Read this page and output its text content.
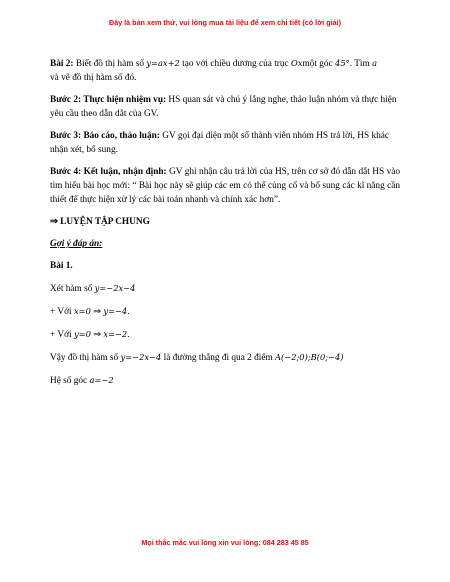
Đây là bản xem thử, vui lòng mua tài liệu để xem chi tiết (có lời giải)

Bài 2: Biết đồ thị hàm số y=ax+2 tạo với chiều dương của trục Oxmột góc 45°. Tìm a
và vẽ đồ thị hàm số đó.

Bước 2: Thực hiện nhiệm vụ: HS quan sát và chú ý lắng nghe, thảo luận nhóm và thực hiện yêu cầu theo dẫn dắt của GV.

Bước 3: Báo cáo, thảo luận: GV gọi đại diện một số thành viên nhóm HS trả lời, HS khác nhận xét, bổ sung.

Bước 4: Kết luận, nhận định: GV ghi nhận câu trả lời của HS, trên cơ sở đó dẫn dắt HS vào tìm hiểu bài học mới: “ Bài học này sẽ giúp các em có thể củng cố và bổ sung các kĩ năng cần thiết để thực hiện xử lý các bài toán nhanh và chính xác hơn”.

⇒ LUYỆN TẬP CHUNG

Gợi ý đáp án:

Bài 1.

Xét hàm số y=−2x−4

+ Với x=0 ⇒ y=−4.

+ Với y=0 ⇒ x=−2.

Vậy đồ thị hàm số y=−2x−4 là đường thẳng đi qua 2 điểm A(−2;0);B(0;−4)

Hệ số góc a=−2

Mọi thắc mắc vui lòng xin vui lòng: 084 283 45 85
